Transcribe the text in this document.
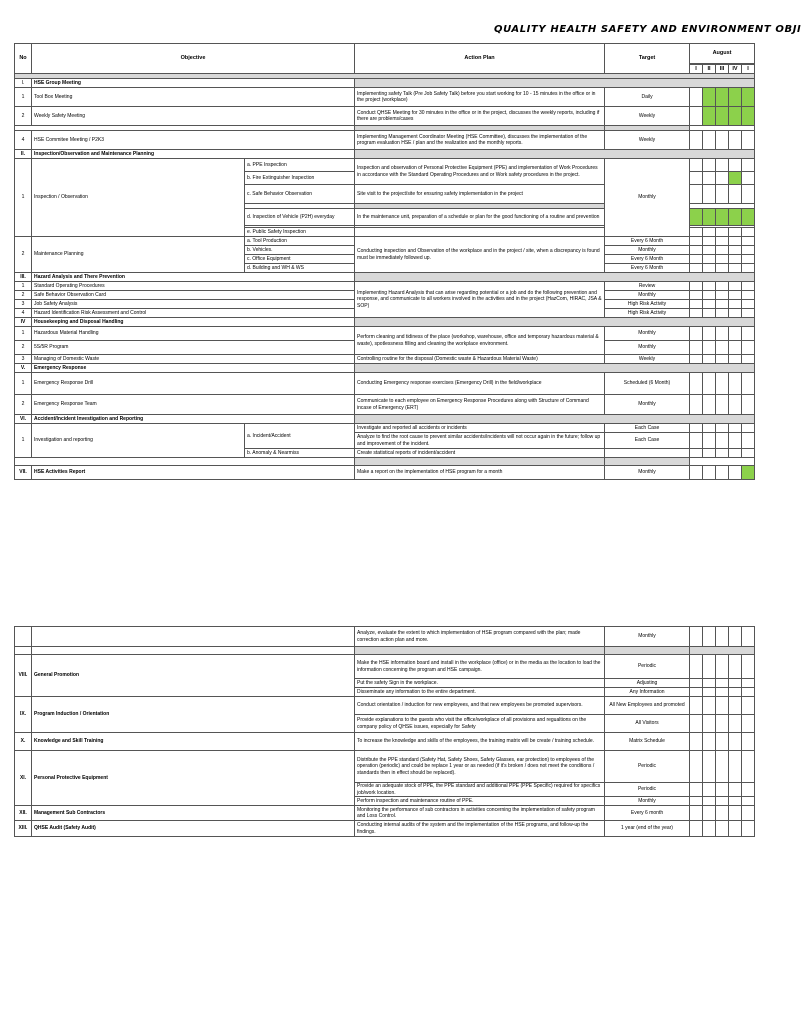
QUALITY HEALTH SAFETY AND ENVIRONMENT OBJI
No	Objective		Action Plan	Target	August				

					I	II	III	IV	I

I.	HSE Group Meeting								
1	Tool Box Meeting		Implementing safety Talk (Pre Job Safety Talk) before you start working for 10 - 15 minutes in the office or in the project (workplace)	Daily					
2	Weekly Safety Meeting		Conduct QHSE Meeting for 30 minutes in the office or in the project, discusses the weekly reports, including if there are problems/cases	Weekly					

4	HSE Commitee Meeting / P2K3		Implementing Management Coordinator Meeting (HSE Committee), discusses the implementation of the program evaluation HSE / plan and the realization and the monthly reports.	Weekly					
II.	Inspection/Observation and Maintenance Planning								
1	Inspection / Observation	a. PPE Inspection	Inspection and observation of Personal Protective Equipment (PPE) and implementation of Work Procedures in accordance with the Standard Operating Procedures and or Work safety procedures in the project.	Monthly					
		b. Fire Extinguisher Inspection							
		c. Safe Behavior Observation	Site visit to the project/site for ensuring safety implementation in the project						

		d. Inspection of Vehicle (P2H) everyday	In the maintenance unit, preparation of a schedule or plan for the good functioning of a routine and prevention						

		e. Public Safety Inspection							
2	Maintenance Planning	a. Tool Production	Conducting inspection and Observation of the workplace and in the project / site, when a discrepancy is found must be immediately followed up.	Every 6 Month					
		b. Vehicles.		Monthly					
		c. Office Equipment		Every 6 Month					
		d. Building and WH & WS		Every 6 Month					
III.	Hazard Analysis and There Prevention								
1	Standard Operating Procedures		Implementing Hazard Analysis that can arise regarding potential or a job and do the following prevention and response, and communicate to all workers involved in the activities and in the project (HazCom, HIRAC, JSA & SOP)	Review					
2	Safe Behavior Observation Card			Monthly					
3	Job Safety Analysis			High Risk Activity					
4	Hazard Identification Risk Assessment and Control			High Risk Activity					
IV	Housekeeping and Disposal Handling								
1	Hazardous Material Handling		Perform cleaning and tidiness of the place (workshop, warehouse, office and temporary hazardous material & waste), spotlessness filling and cleaning the workplace environment.	Monthly					
2	5S/5R Program			Monthly					
3	Managing of Domestic Waste		Controlling routine for the disposal (Domestic waste & Hazardous Material Waste)	Weekly					
V.	Emergency Response								
1	Emergency Response Drill		Conducting Emergency response exercises (Emergency Drill) in the field/workplace	Scheduled (6 Month)					
2	Emergency Response Team		Communicate to each employee on Emergency Response Procedures along with Structure of Command incase of Emergency (ERT)	Monthly					
VI.	Accident/Incident Investigation and Reporting								
1	Investigation and reporting	a. Incident/Accident	Investigate and reported all accidents or incidents	Each Case					
			Analyze to find the root cause to prevent similar accidents/incidents will not occur again in the future; follow up and improvement of the incident.	Each Case					
		b. Anomaly & Nearmiss	Create statistical reports of incident/accident						

VII.	HSE Activities Report		Make a report on the implementation of HSE program for a month	Monthly					
		Analyze, evaluate the extent to which implementation of HSE program compared with the plan; made correction action plan and more.	Monthly					

VIII.	General Promotion	Make the HSE information board and install in the workplace (office) or in the media as the location to load the information concerning the program and HSE campaign.	Periodic					
		Put the safety Sign in the workplace.	Adjusting					
		Disseminate any information to the entire department.	Any Information					
IX.	Program Induction / Orientation	Conduct orientation / induction for new employees, and that new employees be promoted supervisors.	All New Employees and promoted					
		Provide explanations to the guests who visit the office/workplace of all provisions and regualtions on the company policy of QHSE issues, especially for Safety	All Visitors					
X.	Knowledge and Skill Training	To increase the knowledge and skills of the employees, the training matrix will be create / training schedule.	Matrix Schedule					
XI.	Personal Protective Equipment	Distribute the PPE standard (Safety Hat, Safety Shoes, Safety Glasses, ear protection) to employees of the operation (periodic) and could be replace 1 year or as needed (if it's broken / does not meet the conditions / standards then in effect should be replaced).	Periodic					
		Provide an adequate stock of PPE, the PPE standard and additional PPE (PPE Specific) required for specifics job/work location.	Periodic					
		Perform inspection and maintenance routine of PPE.	Monthly					
XII.	Management Sub Contractors	Monitoring the performance of sub contractors in activities concerning the implementation of safety program and Loss Control.	Every 6 month					
XIII.	QHSE Audit (Safety Audit)	Conducting internal audits of the system and the implementation of the HSE programs, and follow-up the findings.	1 year (end of the year)					
